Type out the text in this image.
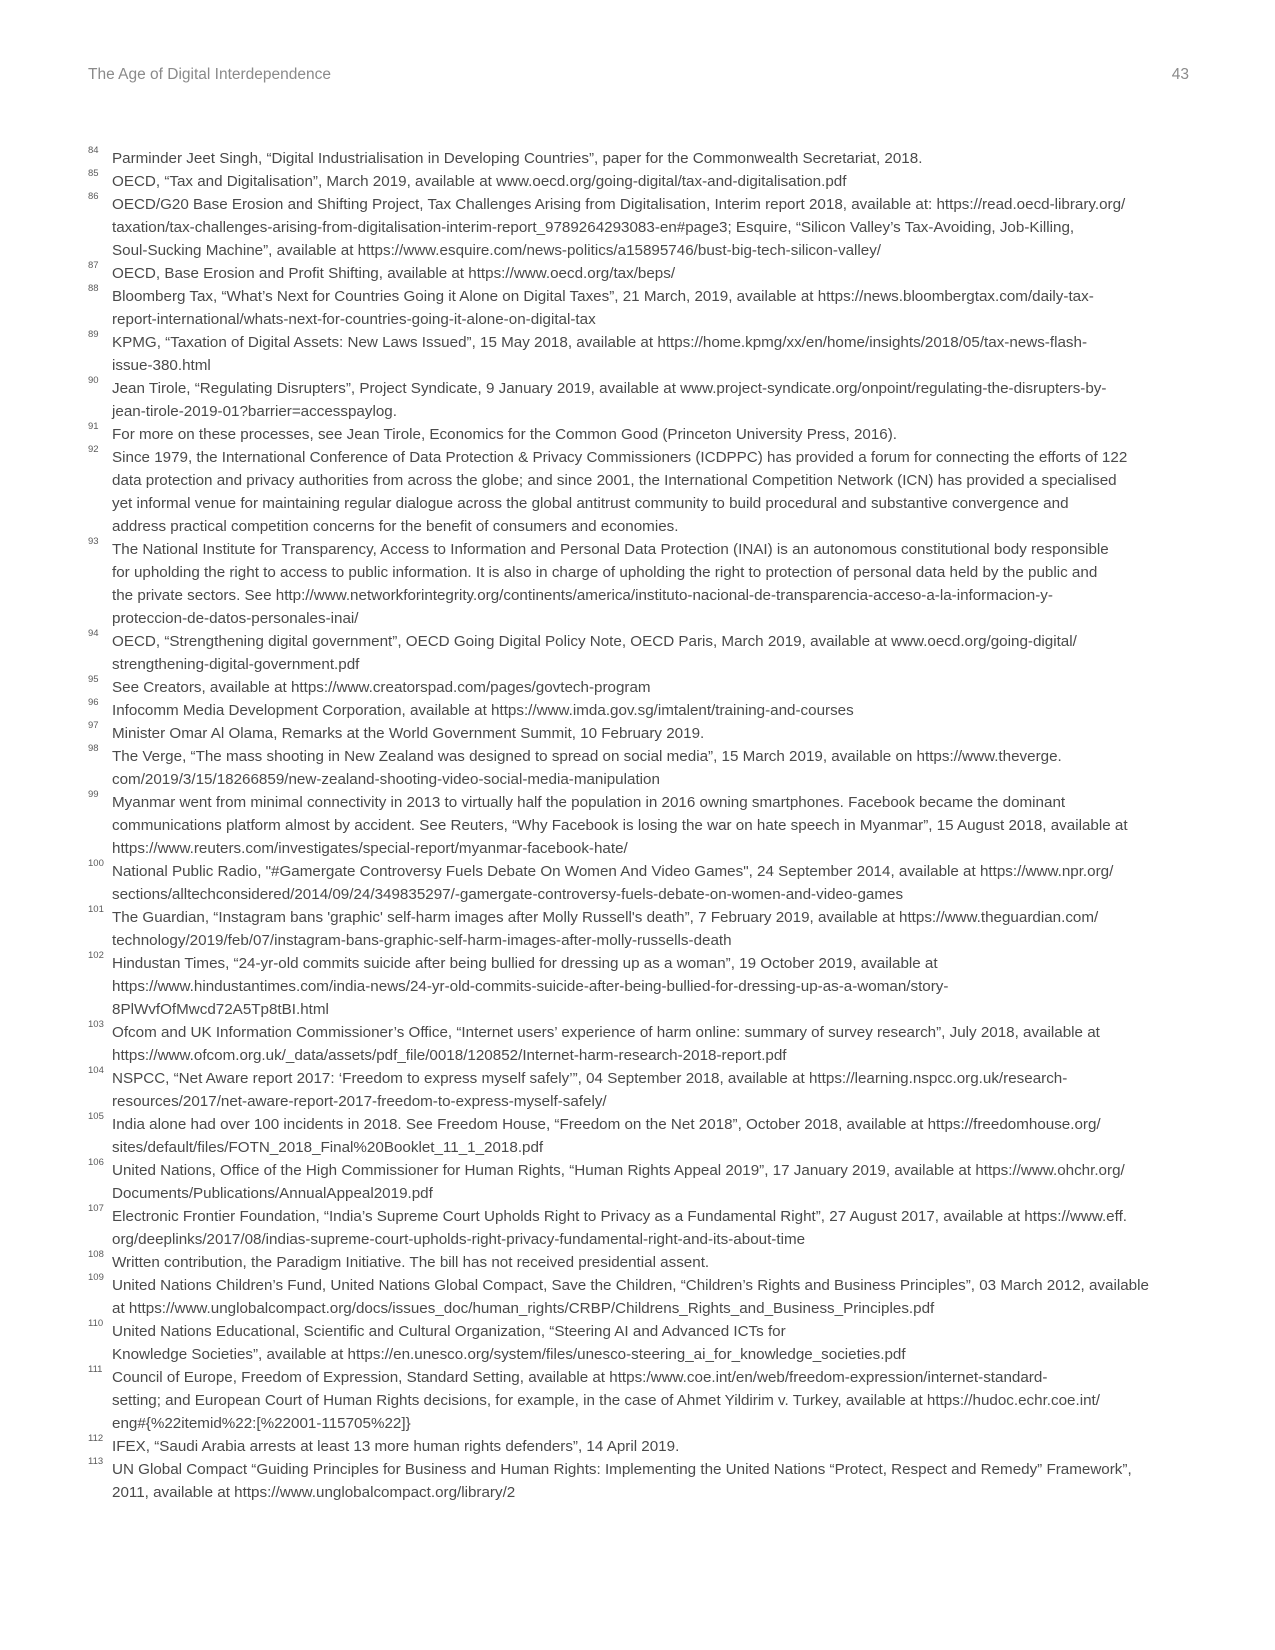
The Age of Digital Interdependence	43
84 Parminder Jeet Singh, “Digital Industrialisation in Developing Countries”, paper for the Commonwealth Secretariat, 2018.
85 OECD, “Tax and Digitalisation”, March 2019, available at www.oecd.org/going-digital/tax-and-digitalisation.pdf
86 OECD/G20 Base Erosion and Shifting Project, Tax Challenges Arising from Digitalisation, Interim report 2018, available at: https://read.oecd-library.org/
taxation/tax-challenges-arising-from-digitalisation-interim-report_9789264293083-en#page3; Esquire, “Silicon Valley’s Tax-Avoiding, Job-Killing,
Soul-Sucking Machine”, available at https://www.esquire.com/news-politics/a15895746/bust-big-tech-silicon-valley/
87 OECD, Base Erosion and Profit Shifting, available at https://www.oecd.org/tax/beps/
88 Bloomberg Tax, “What’s Next for Countries Going it Alone on Digital Taxes”, 21 March, 2019, available at https://news.bloombergtax.com/daily-tax-
report-international/whats-next-for-countries-going-it-alone-on-digital-tax
89 KPMG, “Taxation of Digital Assets: New Laws Issued”, 15 May 2018, available at https://home.kpmg/xx/en/home/insights/2018/05/tax-news-flash-
issue-380.html
90 Jean Tirole, “Regulating Disrupters”, Project Syndicate, 9 January 2019, available at www.project-syndicate.org/onpoint/regulating-the-disrupters-by-
jean-tirole-2019-01?barrier=accesspaylog.
91 For more on these processes, see Jean Tirole, Economics for the Common Good (Princeton University Press, 2016).
92 Since 1979, the International Conference of Data Protection & Privacy Commissioners (ICDPPC) has provided a forum for connecting the efforts of 122
data protection and privacy authorities from across the globe; and since 2001, the International Competition Network (ICN) has provided a specialised
yet informal venue for maintaining regular dialogue across the global antitrust community to build procedural and substantive convergence and
address practical competition concerns for the benefit of consumers and economies.
93 The National Institute for Transparency, Access to Information and Personal Data Protection (INAI) is an autonomous constitutional body responsible
for upholding the right to access to public information. It is also in charge of upholding the right to protection of personal data held by the public and
the private sectors. See http://www.networkforintegrity.org/continents/america/instituto-nacional-de-transparencia-acceso-a-la-informacion-y-
proteccion-de-datos-personales-inai/
94 OECD, “Strengthening digital government”, OECD Going Digital Policy Note, OECD Paris, March 2019, available at www.oecd.org/going-digital/
strengthening-digital-government.pdf
95 See Creators, available at https://www.creatorspad.com/pages/govtech-program
96 Infocomm Media Development Corporation, available at https://www.imda.gov.sg/imtalent/training-and-courses
97 Minister Omar Al Olama, Remarks at the World Government Summit, 10 February 2019.
98 The Verge, “The mass shooting in New Zealand was designed to spread on social media”, 15 March 2019, available on https://www.theverge.
com/2019/3/15/18266859/new-zealand-shooting-video-social-media-manipulation
99 Myanmar went from minimal connectivity in 2013 to virtually half the population in 2016 owning smartphones. Facebook became the dominant
communications platform almost by accident. See Reuters, “Why Facebook is losing the war on hate speech in Myanmar”, 15 August 2018, available at
https://www.reuters.com/investigates/special-report/myanmar-facebook-hate/
100 National Public Radio, "#Gamergate Controversy Fuels Debate On Women And Video Games", 24 September 2014, available at https://www.npr.org/
sections/alltechconsidered/2014/09/24/349835297/-gamergate-controversy-fuels-debate-on-women-and-video-games
101 The Guardian, “Instagram bans 'graphic' self-harm images after Molly Russell's death”, 7 February 2019, available at https://www.theguardian.com/
technology/2019/feb/07/instagram-bans-graphic-self-harm-images-after-molly-russells-death
102 Hindustan Times, “24-yr-old commits suicide after being bullied for dressing up as a woman”, 19 October 2019, available at
https://www.hindustantimes.com/india-news/24-yr-old-commits-suicide-after-being-bullied-for-dressing-up-as-a-woman/story-
8PlWvfOfMwcd72A5Tp8tBI.html
103 Ofcom and UK Information Commissioner’s Office, “Internet users’ experience of harm online: summary of survey research”, July 2018, available at
https://www.ofcom.org.uk/_data/assets/pdf_file/0018/120852/Internet-harm-research-2018-report.pdf
104 NSPCC, “Net Aware report 2017: ‘Freedom to express myself safely’”, 04 September 2018, available at https://learning.nspcc.org.uk/research-
resources/2017/net-aware-report-2017-freedom-to-express-myself-safely/
105 India alone had over 100 incidents in 2018. See Freedom House, “Freedom on the Net 2018”, October 2018, available at https://freedomhouse.org/
sites/default/files/FOTN_2018_Final%20Booklet_11_1_2018.pdf
106 United Nations, Office of the High Commissioner for Human Rights, “Human Rights Appeal 2019”, 17 January 2019, available at https://www.ohchr.org/
Documents/Publications/AnnualAppeal2019.pdf
107 Electronic Frontier Foundation, “India’s Supreme Court Upholds Right to Privacy as a Fundamental Right”, 27 August 2017, available at https://www.eff.
org/deeplinks/2017/08/indias-supreme-court-upholds-right-privacy-fundamental-right-and-its-about-time
108 Written contribution, the Paradigm Initiative. The bill has not received presidential assent.
109 United Nations Children’s Fund, United Nations Global Compact, Save the Children, “Children’s Rights and Business Principles”, 03 March 2012, available
at https://www.unglobalcompact.org/docs/issues_doc/human_rights/CRBP/Childrens_Rights_and_Business_Principles.pdf
110 United Nations Educational, Scientific and Cultural Organization, “Steering AI and Advanced ICTs for
Knowledge Societies”, available at https://en.unesco.org/system/files/unesco-steering_ai_for_knowledge_societies.pdf
111 Council of Europe, Freedom of Expression, Standard Setting, available at https:/www.coe.int/en/web/freedom-expression/internet-standard-
setting; and European Court of Human Rights decisions, for example, in the case of Ahmet Yildirim v. Turkey, available at https://hudoc.echr.coe.int/
eng#{%22itemid%22:[%22001-115705%22]}
112 IFEX, “Saudi Arabia arrests at least 13 more human rights defenders”, 14 April 2019.
113 UN Global Compact “Guiding Principles for Business and Human Rights: Implementing the United Nations “Protect, Respect and Remedy” Framework”,
2011, available at https://www.unglobalcompact.org/library/2
